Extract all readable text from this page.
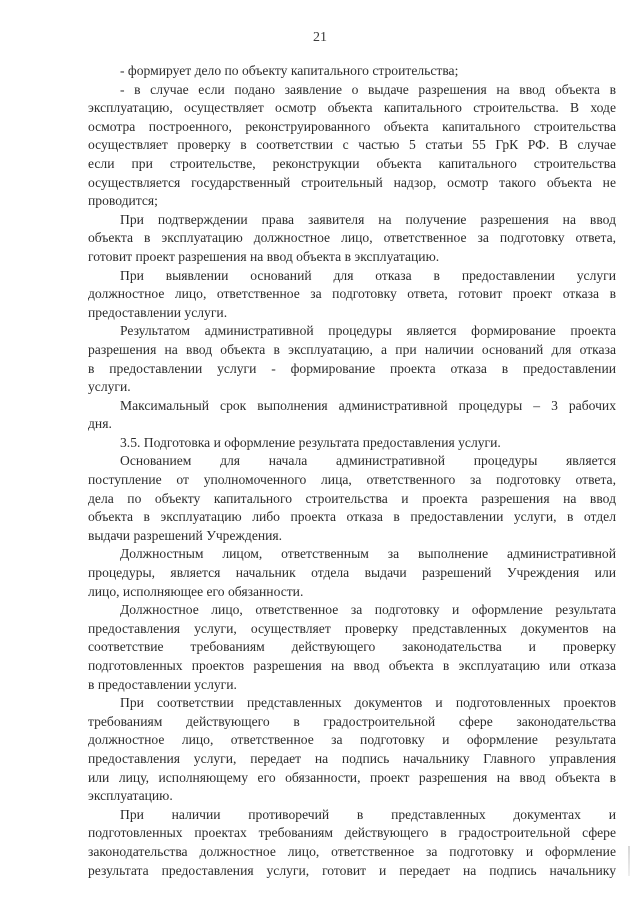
21
- формирует дело по объекту капитального строительства;
- в случае если подано заявление о выдаче разрешения на ввод объекта в
эксплуатацию, осуществляет осмотр объекта капитального строительства. В ходе
осмотра построенного, реконструированного объекта капитального строительства
осуществляет проверку в соответствии с частью 5 статьи 55 ГрК РФ. В случае
если при строительстве, реконструкции объекта капитального строительства
осуществляется государственный строительный надзор, осмотр такого объекта не
проводится;
При подтверждении права заявителя на получение разрешения на ввод
объекта в эксплуатацию должностное лицо, ответственное за подготовку ответа,
готовит проект разрешения на ввод объекта в эксплуатацию.
При выявлении оснований для отказа в предоставлении услуги
должностное лицо, ответственное за подготовку ответа, готовит проект отказа в
предоставлении услуги.
Результатом административной процедуры является формирование проекта
разрешения на ввод объекта в эксплуатацию, а при наличии оснований для отказа
в предоставлении услуги - формирование проекта отказа в предоставлении
услуги.
Максимальный срок выполнения административной процедуры – 3 рабочих
дня.
3.5. Подготовка и оформление результата предоставления услуги.
Основанием для начала административной процедуры является
поступление от уполномоченного лица, ответственного за подготовку ответа,
дела по объекту капитального строительства и проекта разрешения на ввод
объекта в эксплуатацию либо проекта отказа в предоставлении услуги, в отдел
выдачи разрешений Учреждения.
Должностным лицом, ответственным за выполнение административной
процедуры, является начальник отдела выдачи разрешений Учреждения или
лицо, исполняющее его обязанности.
Должностное лицо, ответственное за подготовку и оформление результата
предоставления услуги, осуществляет проверку представленных документов на
соответствие требованиям действующего законодательства и проверку
подготовленных проектов разрешения на ввод объекта в эксплуатацию или отказа
в предоставлении услуги.
При соответствии представленных документов и подготовленных проектов
требованиям действующего в градостроительной сфере законодательства
должностное лицо, ответственное за подготовку и оформление результата
предоставления услуги, передает на подпись начальнику Главного управления
или лицу, исполняющему его обязанности, проект разрешения на ввод объекта в
эксплуатацию.
При наличии противоречий в представленных документах и
подготовленных проектах требованиям действующего в градостроительной сфере
законодательства должностное лицо, ответственное за подготовку и оформление
результата предоставления услуги, готовит и передает на подпись начальнику
